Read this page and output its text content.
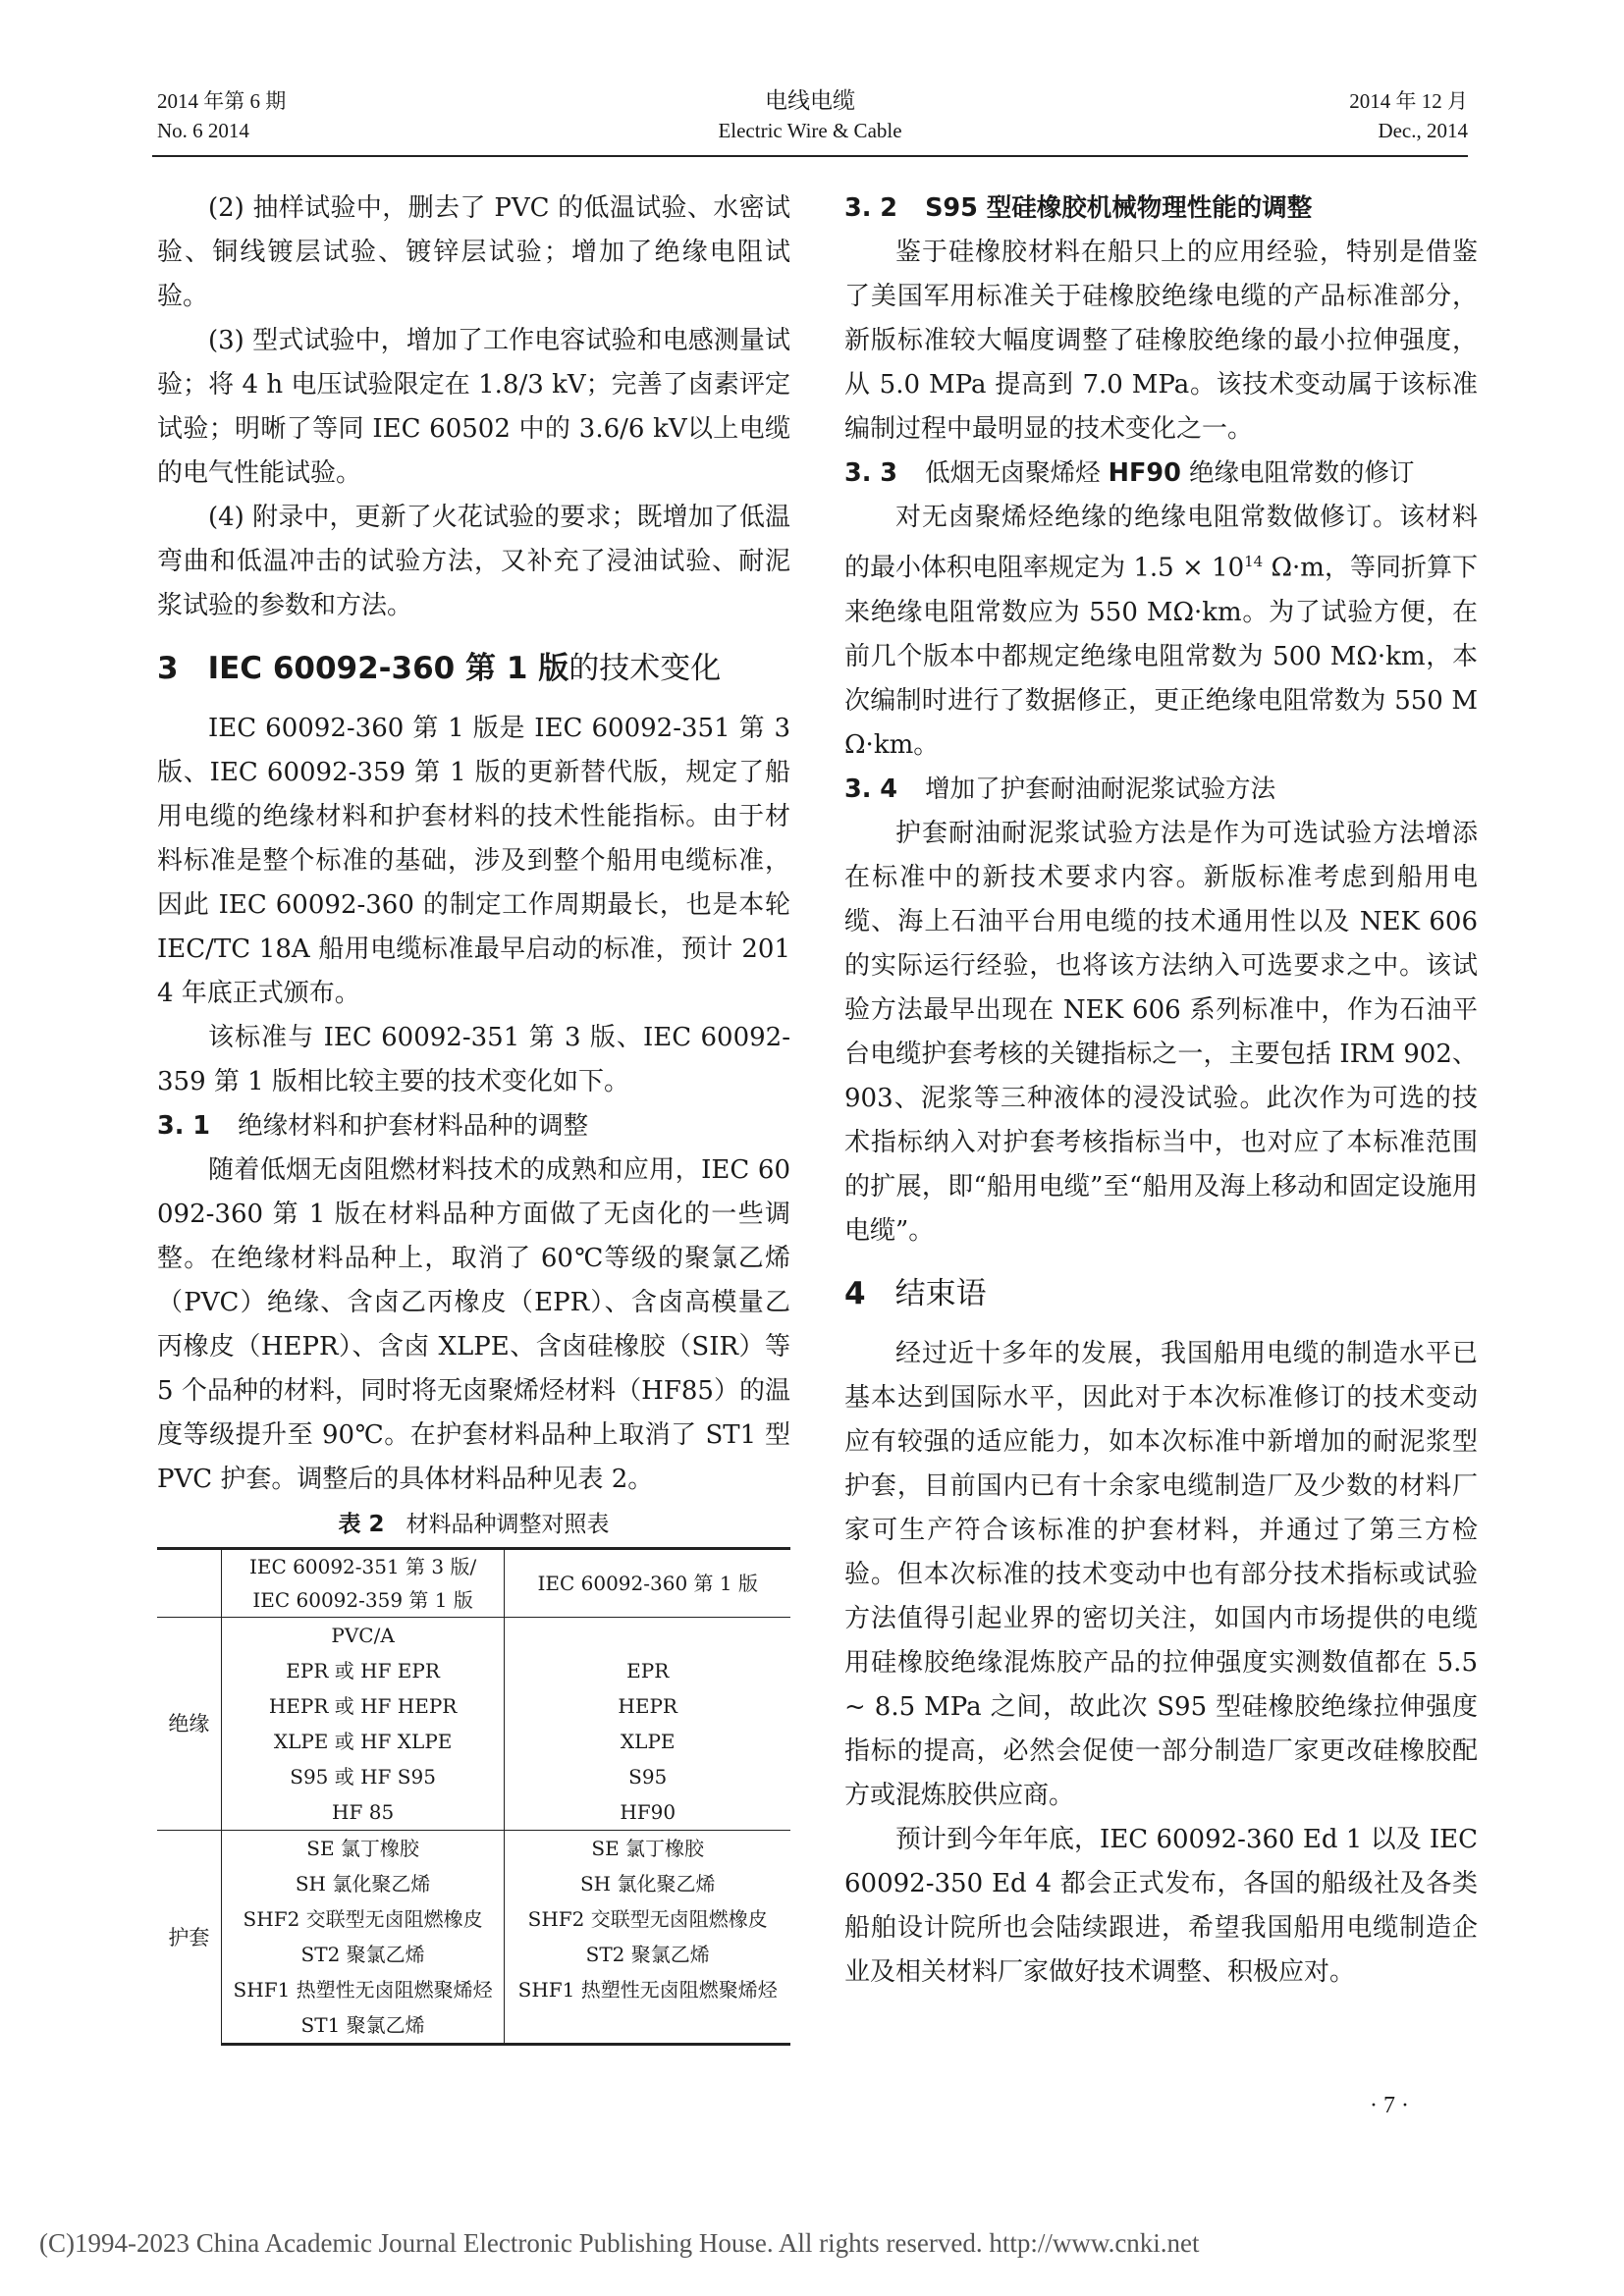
2014 年第 6 期
No. 6 2014
电线电缆
Electric Wire & Cable
2014 年 12 月
Dec., 2014

(2) 抽样试验中，删去了 PVC 的低温试验、水密试验、铜线镀层试验、镀锌层试验；增加了绝缘电阻试验。

(3) 型式试验中，增加了工作电容试验和电感测量试验；将 4 h 电压试验限定在 1.8/3 kV；完善了卤素评定试验；明晰了等同 IEC 60502 中的 3.6/6 kV以上电缆的电气性能试验。

(4) 附录中，更新了火花试验的要求；既增加了低温弯曲和低温冲击的试验方法，又补充了浸油试验、耐泥浆试验的参数和方法。

3 IEC 60092-360 第 1 版的技术变化

IEC 60092-360 第 1 版是 IEC 60092-351 第 3 版、IEC 60092-359 第 1 版的更新替代版，规定了船用电缆的绝缘材料和护套材料的技术性能指标。由于材料标准是整个标准的基础，涉及到整个船用电缆标准，因此 IEC 60092-360 的制定工作周期最长，也是本轮 IEC/TC 18A 船用电缆标准最早启动的标准，预计 2014 年底正式颁布。

该标准与 IEC 60092-351 第 3 版、IEC 60092-359 第 1 版相比较主要的技术变化如下。

3. 1 绝缘材料和护套材料品种的调整

随着低烟无卤阻燃材料技术的成熟和应用，IEC 60092-360 第 1 版在材料品种方面做了无卤化的一些调整。在绝缘材料品种上，取消了 60℃等级的聚氯乙烯（PVC）绝缘、含卤乙丙橡皮（EPR）、含卤高模量乙丙橡皮（HEPR）、含卤 XLPE、含卤硅橡胶（SIR）等 5 个品种的材料，同时将无卤聚烯烃材料（HF85）的温度等级提升至 90℃。在护套材料品种上取消了 ST1 型 PVC 护套。调整后的具体材料品种见表 2。

表 2 材料品种调整对照表

	IEC 60092-351 第 3 版/
IEC 60092-359 第 1 版	IEC 60092-360 第 1 版
绝缘	PVC/A	
	EPR 或 HF EPR	EPR
	HEPR 或 HF HEPR	HEPR
	XLPE 或 HF XLPE	XLPE
	S95 或 HF S95	S95
	HF 85	HF90
护套	SE 氯丁橡胶	SE 氯丁橡胶
	SH 氯化聚乙烯	SH 氯化聚乙烯
	SHF2 交联型无卤阻燃橡皮	SHF2 交联型无卤阻燃橡皮
	ST2 聚氯乙烯	ST2 聚氯乙烯
	SHF1 热塑性无卤阻燃聚烯烃	SHF1 热塑性无卤阻燃聚烯烃
	ST1 聚氯乙烯	
3. 2 S95 型硅橡胶机械物理性能的调整

鉴于硅橡胶材料在船只上的应用经验，特别是借鉴了美国军用标准关于硅橡胶绝缘电缆的产品标准部分，新版标准较大幅度调整了硅橡胶绝缘的最小拉伸强度，从 5.0 MPa 提高到 7.0 MPa。该技术变动属于该标准编制过程中最明显的技术变化之一。

3. 3 低烟无卤聚烯烃 HF90 绝缘电阻常数的修订

对无卤聚烯烃绝缘的绝缘电阻常数做修订。该材料的最小体积电阻率规定为 $1.5 \times 10^{14}$ Ω·m，等同折算下来绝缘电阻常数应为 550 MΩ·km。为了试验方便，在前几个版本中都规定绝缘电阻常数为 500 MΩ·km，本次编制时进行了数据修正，更正绝缘电阻常数为 550 MΩ·km。

3. 4 增加了护套耐油耐泥浆试验方法

护套耐油耐泥浆试验方法是作为可选试验方法增添在标准中的新技术要求内容。新版标准考虑到船用电缆、海上石油平台用电缆的技术通用性以及 NEK 606的实际运行经验，也将该方法纳入可选要求之中。该试验方法最早出现在 NEK 606 系列标准中，作为石油平台电缆护套考核的关键指标之一，主要包括 IRM 902、903、泥浆等三种液体的浸没试验。此次作为可选的技术指标纳入对护套考核指标当中，也对应了本标准范围的扩展，即“船用电缆”至“船用及海上移动和固定设施用电缆”。

4 结束语

经过近十多年的发展，我国船用电缆的制造水平已基本达到国际水平，因此对于本次标准修订的技术变动应有较强的适应能力，如本次标准中新增加的耐泥浆型护套，目前国内已有十余家电缆制造厂及少数的材料厂家可生产符合该标准的护套材料，并通过了第三方检验。但本次标准的技术变动中也有部分技术指标或试验方法值得引起业界的密切关注，如国内市场提供的电缆用硅橡胶绝缘混炼胶产品的拉伸强度实测数值都在 5.5 ~ 8.5 MPa 之间，故此次 S95 型硅橡胶绝缘拉伸强度指标的提高，必然会促使一部分制造厂家更改硅橡胶配方或混炼胶供应商。

预计到今年年底，IEC 60092-360 Ed 1 以及 IEC 60092-350 Ed 4 都会正式发布，各国的船级社及各类船舶设计院所也会陆续跟进，希望我国船用电缆制造企业及相关材料厂家做好技术调整、积极应对。

· 7 ·
(C)1994-2023 China Academic Journal Electronic Publishing House. All rights reserved. http://www.cnki.net
